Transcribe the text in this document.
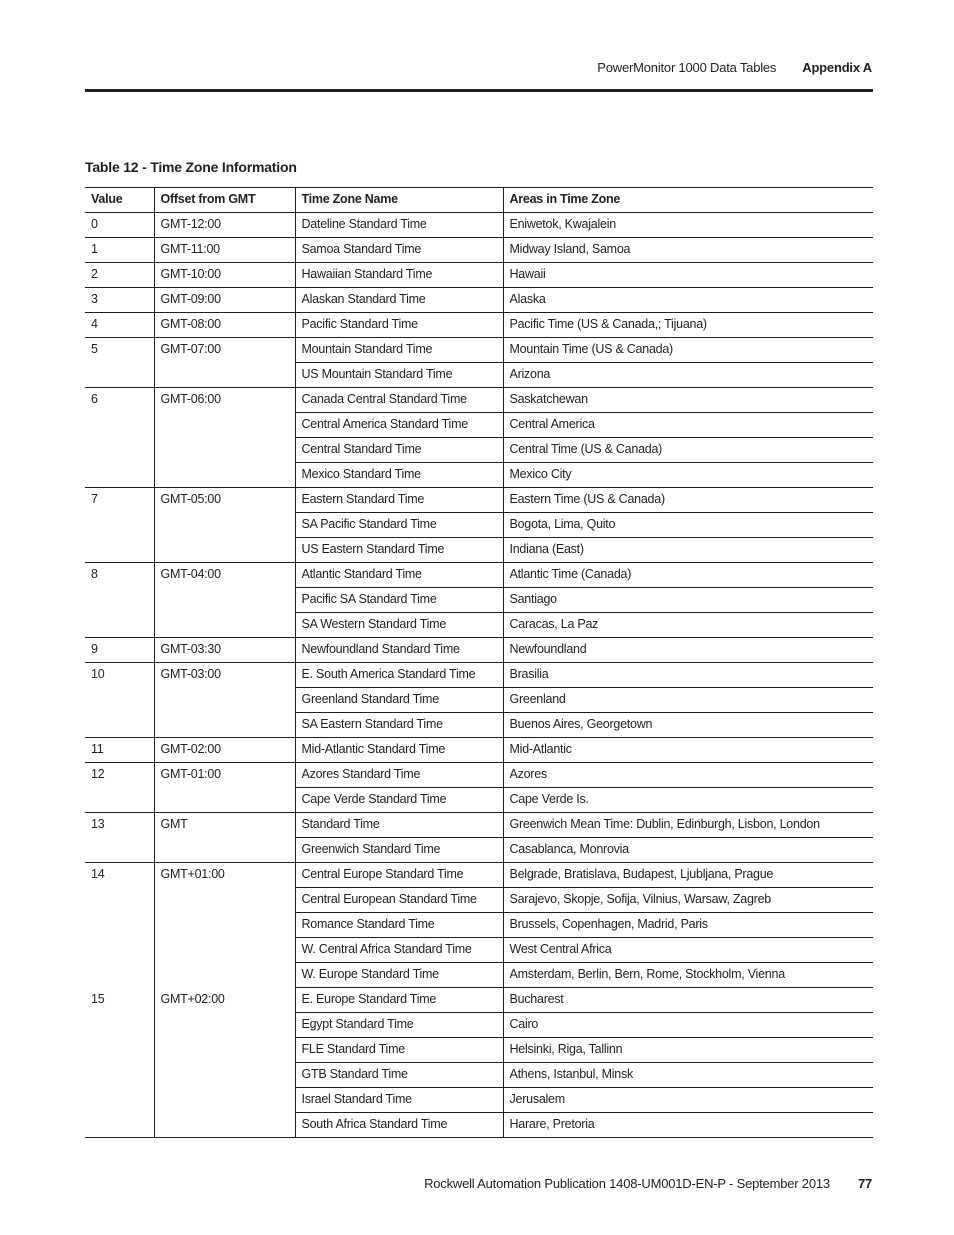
PowerMonitor 1000 Data Tables Appendix A
Table 12 - Time Zone Information
Value	Offset from GMT	Time Zone Name	Areas in Time Zone
0	GMT-12:00	Dateline Standard Time	Eniwetok, Kwajalein
1	GMT-11:00	Samoa Standard Time	Midway Island, Samoa
2	GMT-10:00	Hawaiian Standard Time	Hawaii
3	GMT-09:00	Alaskan Standard Time	Alaska
4	GMT-08:00	Pacific Standard Time	Pacific Time (US & Canada,; Tijuana)
5	GMT-07:00	Mountain Standard Time	Mountain Time (US & Canada)
		US Mountain Standard Time	Arizona
6	GMT-06:00	Canada Central Standard Time	Saskatchewan
		Central America Standard Time	Central America
		Central Standard Time	Central Time (US & Canada)
		Mexico Standard Time	Mexico City
7	GMT-05:00	Eastern Standard Time	Eastern Time (US & Canada)
		SA Pacific Standard Time	Bogota, Lima, Quito
		US Eastern Standard Time	Indiana (East)
8	GMT-04:00	Atlantic Standard Time	Atlantic Time (Canada)
		Pacific SA Standard Time	Santiago
		SA Western Standard Time	Caracas, La Paz
9	GMT-03:30	Newfoundland Standard Time	Newfoundland
10	GMT-03:00	E. South America Standard Time	Brasilia
		Greenland Standard Time	Greenland
		SA Eastern Standard Time	Buenos Aires, Georgetown
11	GMT-02:00	Mid-Atlantic Standard Time	Mid-Atlantic
12	GMT-01:00	Azores Standard Time	Azores
		Cape Verde Standard Time	Cape Verde Is.
13	GMT	Standard Time	Greenwich Mean Time: Dublin, Edinburgh, Lisbon, London
		Greenwich Standard Time	Casablanca, Monrovia
14	GMT+01:00	Central Europe Standard Time	Belgrade, Bratislava, Budapest, Ljubljana, Prague
		Central European Standard Time	Sarajevo, Skopje, Sofija, Vilnius, Warsaw, Zagreb
		Romance Standard Time	Brussels, Copenhagen, Madrid, Paris
		W. Central Africa Standard Time	West Central Africa
		W. Europe Standard Time	Amsterdam, Berlin, Bern, Rome, Stockholm, Vienna
15	GMT+02:00	E. Europe Standard Time	Bucharest
		Egypt Standard Time	Cairo
		FLE Standard Time	Helsinki, Riga, Tallinn
		GTB Standard Time	Athens, Istanbul, Minsk
		Israel Standard Time	Jerusalem
		South Africa Standard Time	Harare, Pretoria
Rockwell Automation Publication 1408-UM001D-EN-P - September 2013 77
